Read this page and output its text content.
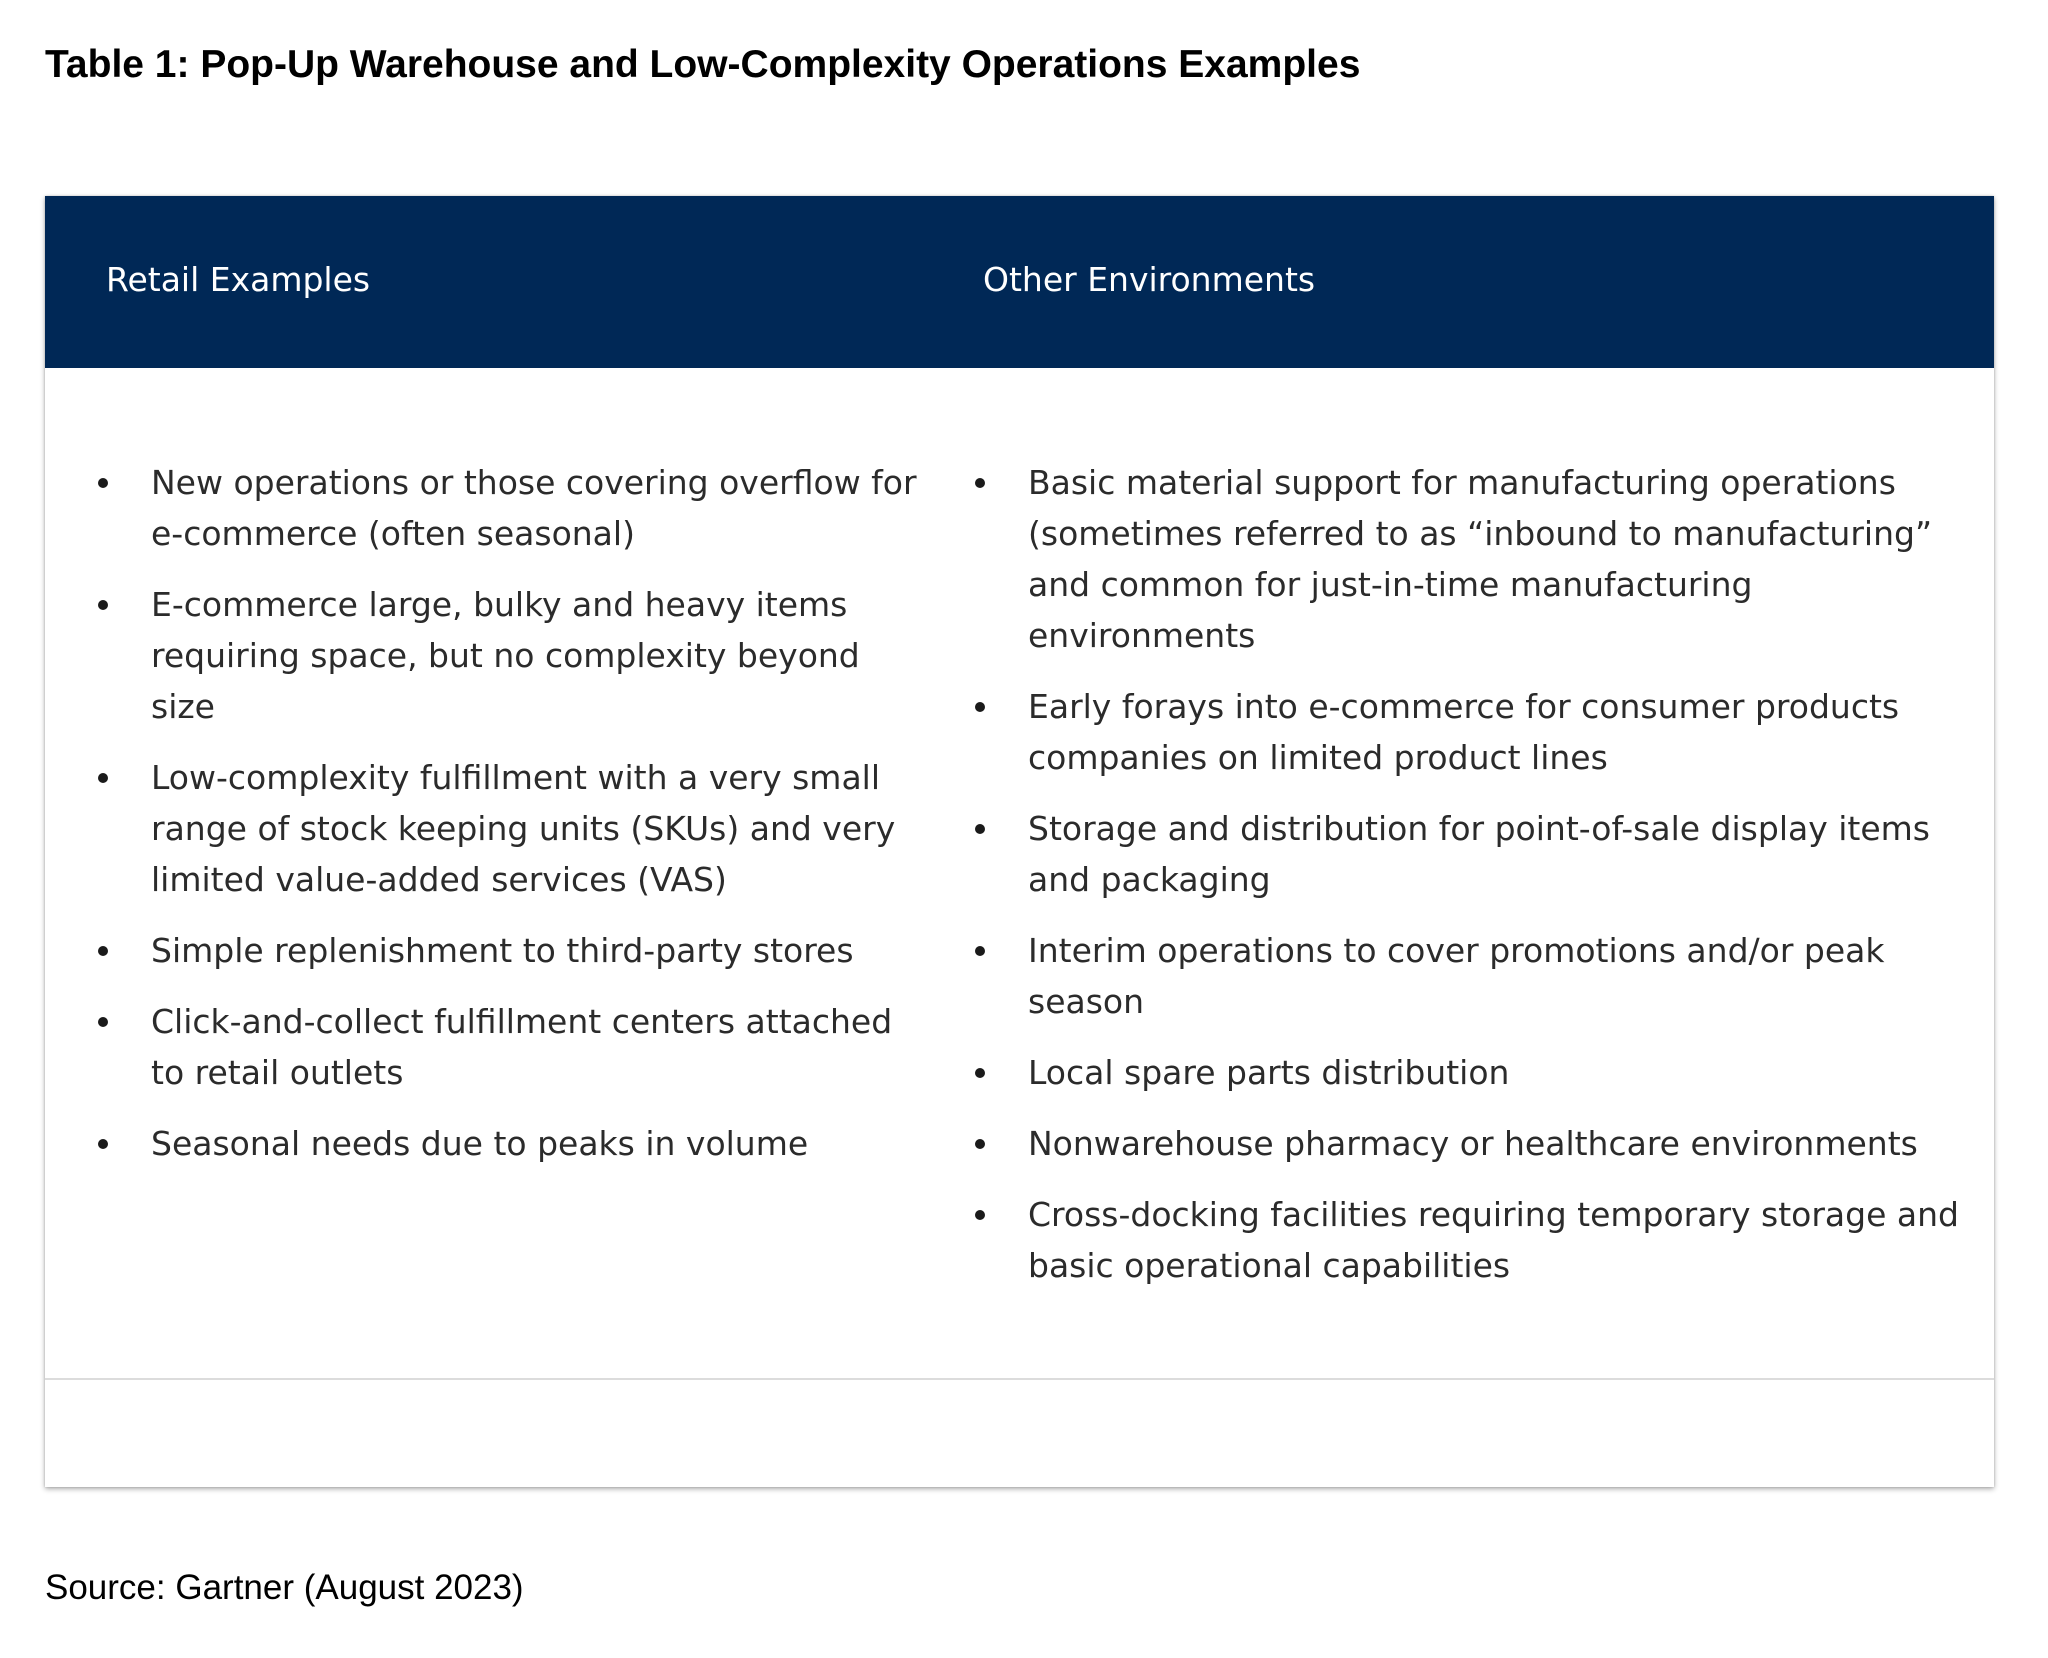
Table 1: Pop-Up Warehouse and Low-Complexity Operations Examples
Retail Examples	Other Environments
New operations or those covering overflow for e-commerce (often seasonal)
E-commerce large, bulky and heavy items requiring space, but no complexity beyond size
Low-complexity fulfillment with a very small range of stock keeping units (SKUs) and very limited value-added services (VAS)
Simple replenishment to third-party stores
Click-and-collect fulfillment centers attached to retail outlets
Seasonal needs due to peaks in volume
Basic material support for manufacturing operations (sometimes referred to as “inbound to manufacturing” and common for just-in-time manufacturing environments
Early forays into e-commerce for consumer products companies on limited product lines
Storage and distribution for point-of-sale display items and packaging
Interim operations to cover promotions and/or peak season
Local spare parts distribution
Nonwarehouse pharmacy or healthcare environments
Cross-docking facilities requiring temporary storage and basic operational capabilities

Source: Gartner (August 2023)
